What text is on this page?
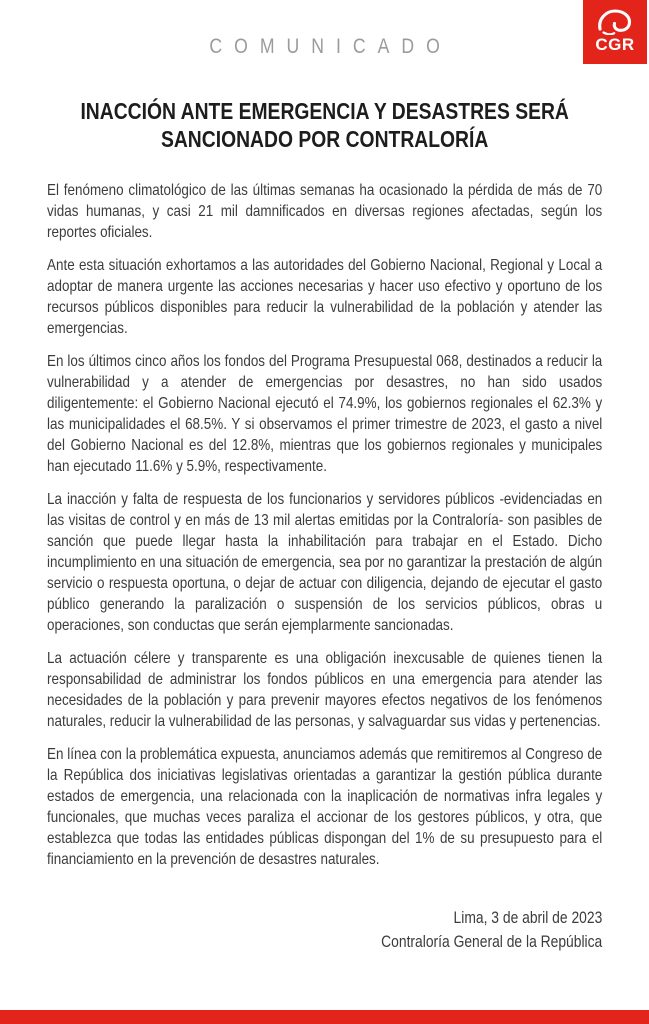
CGR
COMUNICADO
INACCIÓN ANTE EMERGENCIA Y DESASTRES SERÁ
SANCIONADO POR CONTRALORÍA

El fenómeno climatológico de las últimas semanas ha ocasionado la pérdida de más de 70 vidas humanas, y casi 21 mil damnificados en diversas regiones afectadas, según los reportes oficiales.

Ante esta situación exhortamos a las autoridades del Gobierno Nacional, Regional y Local a adoptar de manera urgente las acciones necesarias y hacer uso efectivo y oportuno de los recursos públicos disponibles para reducir la vulnerabilidad de la población y atender las emergencias.

En los últimos cinco años los fondos del Programa Presupuestal 068, destinados a reducir la vulnerabilidad y a atender de emergencias por desastres, no han sido usados diligentemente: el Gobierno Nacional ejecutó el 74.9%, los gobiernos regionales el 62.3% y las municipalidades el 68.5%. Y si observamos el primer trimestre de 2023, el gasto a nivel del Gobierno Nacional es del 12.8%, mientras que los gobiernos regionales y municipales han ejecutado 11.6% y 5.9%, respectivamente.

La inacción y falta de respuesta de los funcionarios y servidores públicos -evidenciadas en las visitas de control y en más de 13 mil alertas emitidas por la Contraloría- son pasibles de sanción que puede llegar hasta la inhabilitación para trabajar en el Estado. Dicho incumplimiento en una situación de emergencia, sea por no garantizar la prestación de algún servicio o respuesta oportuna, o dejar de actuar con diligencia, dejando de ejecutar el gasto público generando la paralización o suspensión de los servicios públicos, obras u operaciones, son conductas que serán ejemplarmente sancionadas.

La actuación célere y transparente es una obligación inexcusable de quienes tienen la responsabilidad de administrar los fondos públicos en una emergencia para atender las necesidades de la población y para prevenir mayores efectos negativos de los fenómenos naturales, reducir la vulnerabilidad de las personas, y salvaguardar sus vidas y pertenencias.

En línea con la problemática expuesta, anunciamos además que remitiremos al Congreso de la República dos iniciativas legislativas orientadas a garantizar la gestión pública durante estados de emergencia, una relacionada con la inaplicación de normativas infra legales y funcionales, que muchas veces paraliza el accionar de los gestores públicos, y otra, que establezca que todas las entidades públicas dispongan del 1% de su presupuesto para el financiamiento en la prevención de desastres naturales.

Lima, 3 de abril de 2023
Contraloría General de la República
